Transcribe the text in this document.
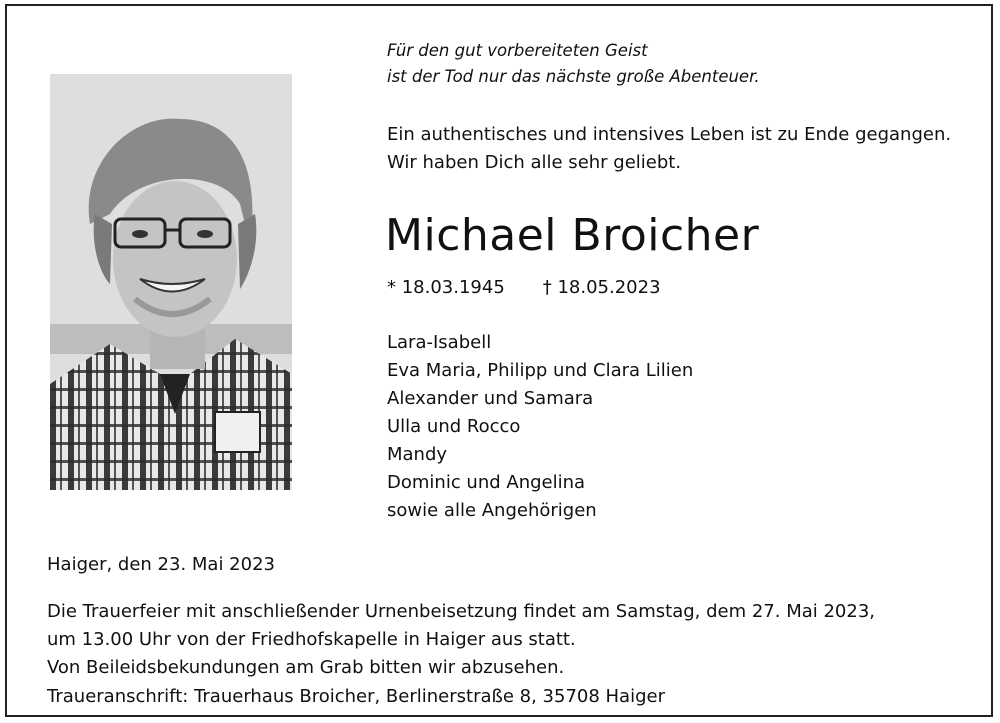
Für den gut vorbereiteten Geist
ist der Tod nur das nächste große Abenteuer.
Ein authentisches und intensives Leben ist zu Ende gegangen.
Wir haben Dich alle sehr geliebt.
Michael Broicher
* 18.03.1945 † 18.05.2023
Lara-Isabell
Eva Maria, Philipp und Clara Lilien
Alexander und Samara
Ulla und Rocco
Mandy
Dominic und Angelina
sowie alle Angehörigen
Haiger, den 23. Mai 2023
Die Trauerfeier mit anschließender Urnenbeisetzung findet am Samstag, dem 27. Mai 2023,
um 13.00 Uhr von der Friedhofskapelle in Haiger aus statt.
Von Beileidsbekundungen am Grab bitten wir abzusehen.
Traueranschrift: Trauerhaus Broicher, Berlinerstraße 8, 35708 Haiger
